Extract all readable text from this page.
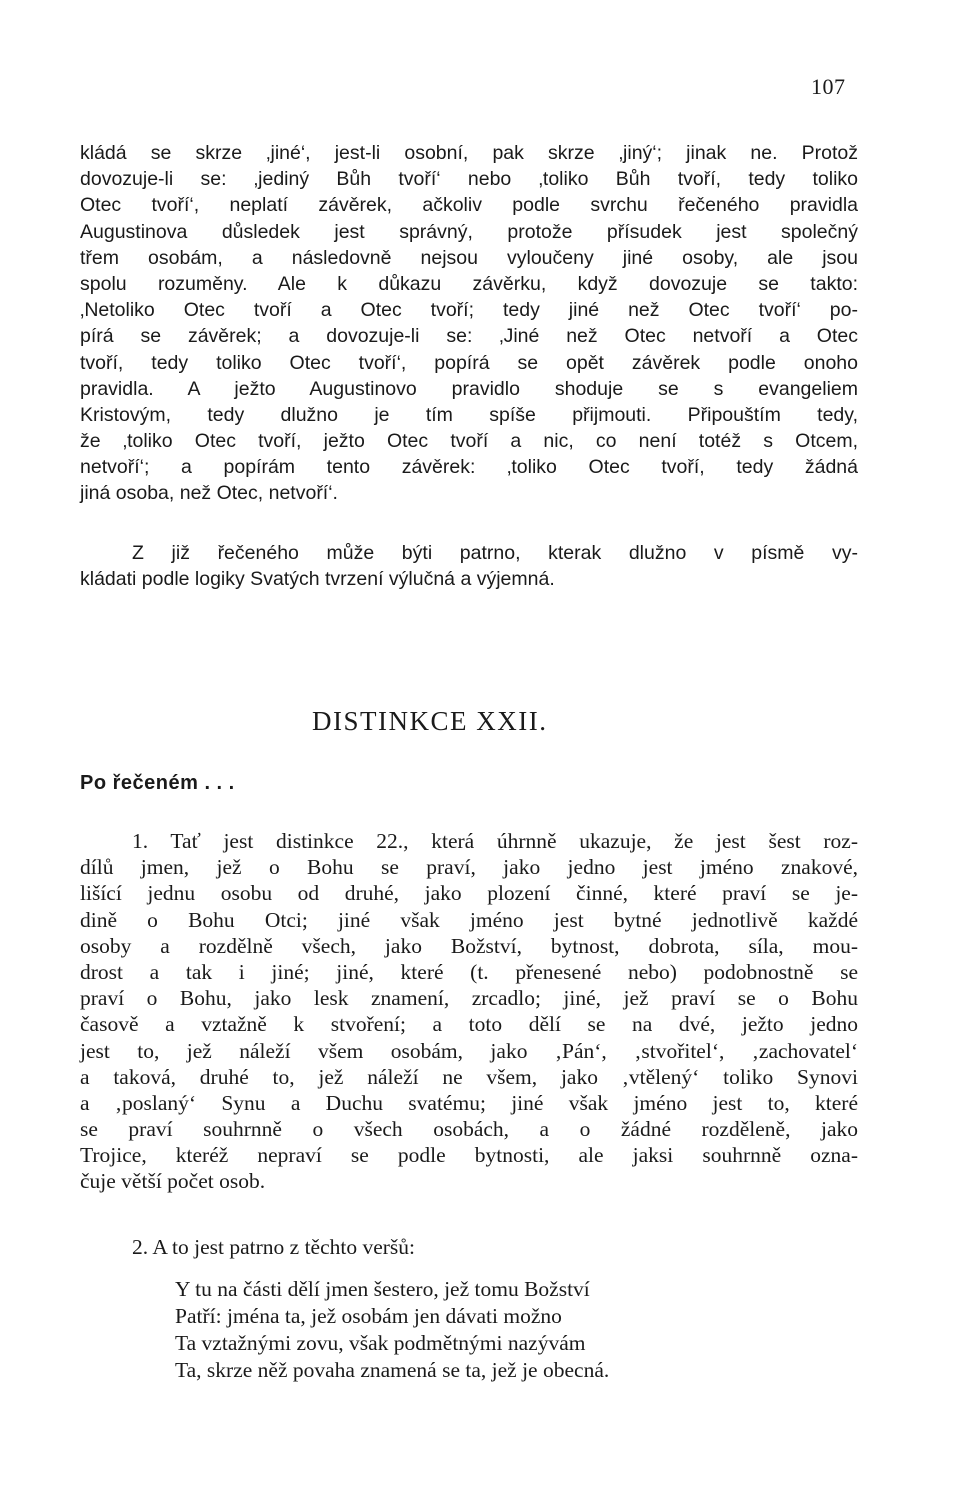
107
kládá se skrze ‚jiné‘, jest-li osobní, pak skrze ‚jiný‘; jinak ne. Protož
dovozuje-li se: ‚jediný Bůh tvoří‘ nebo ‚toliko Bůh tvoří, tedy toliko
Otec tvoří‘, neplatí závěrek, ačkoliv podle svrchu řečeného pravidla
Augustinova důsledek jest správný, protože přísudek jest společný
třem osobám, a následovně nejsou vyloučeny jiné osoby, ale jsou
spolu rozuměny. Ale k důkazu závěrku, když dovozuje se takto:
‚Netoliko Otec tvoří a Otec tvoří; tedy jiné než Otec tvoří‘ po-
pírá se závěrek; a dovozuje-li se: ‚Jiné než Otec netvoří a Otec
tvoří, tedy toliko Otec tvoří‘, popírá se opět závěrek podle onoho
pravidla. A ježto Augustinovo pravidlo shoduje se s evangeliem
Kristovým, tedy dlužno je tím spíše přijmouti. Připouštím tedy,
že ‚toliko Otec tvoří, ježto Otec tvoří a nic, co není totéž s Otcem,
netvoří‘; a popírám tento závěrek: ‚toliko Otec tvoří, tedy žádná
jiná osoba, než Otec, netvoří‘.
Z již řečeného může býti patrno, kterak dlužno v písmě vy-
kládati podle logiky Svatých tvrzení výlučná a výjemná.
DISTINKCE XXII.
Po řečeném . . .
1. Tať jest distinkce 22., která úhrnně ukazuje, že jest šest roz-
dílů jmen, jež o Bohu se praví, jako jedno jest jméno znakové,
lišící jednu osobu od druhé, jako plození činné, které praví se je-
dině o Bohu Otci; jiné však jméno jest bytné jednotlivě každé
osoby a rozdělně všech, jako Božství, bytnost, dobrota, síla, mou-
drost a tak i jiné; jiné, které (t. přenesené nebo) podobnostně se
praví o Bohu, jako lesk znamení, zrcadlo; jiné, jež praví se o Bohu
časově a vztažně k stvoření; a toto dělí se na dvé, ježto jedno
jest to, jež náleží všem osobám, jako ‚Pán‘, ‚stvořitel‘, ‚zachovatel‘
a taková, druhé to, jež náleží ne všem, jako ‚vtělený‘ toliko Synovi
a ‚poslaný‘ Synu a Duchu svatému; jiné však jméno jest to, které
se praví souhrnně o všech osobách, a o žádné rozděleně, jako
Trojice, kteréž nepraví se podle bytnosti, ale jaksi souhrnně ozna-
čuje větší počet osob.
2. A to jest patrno z těchto veršů:
Y tu na části dělí jmen šestero, jež tomu Božství
Patří: jména ta, jež osobám jen dávati možno
Ta vztažnými zovu, však podmětnými nazývám
Ta, skrze něž povaha znamená se ta, jež je obecná.
